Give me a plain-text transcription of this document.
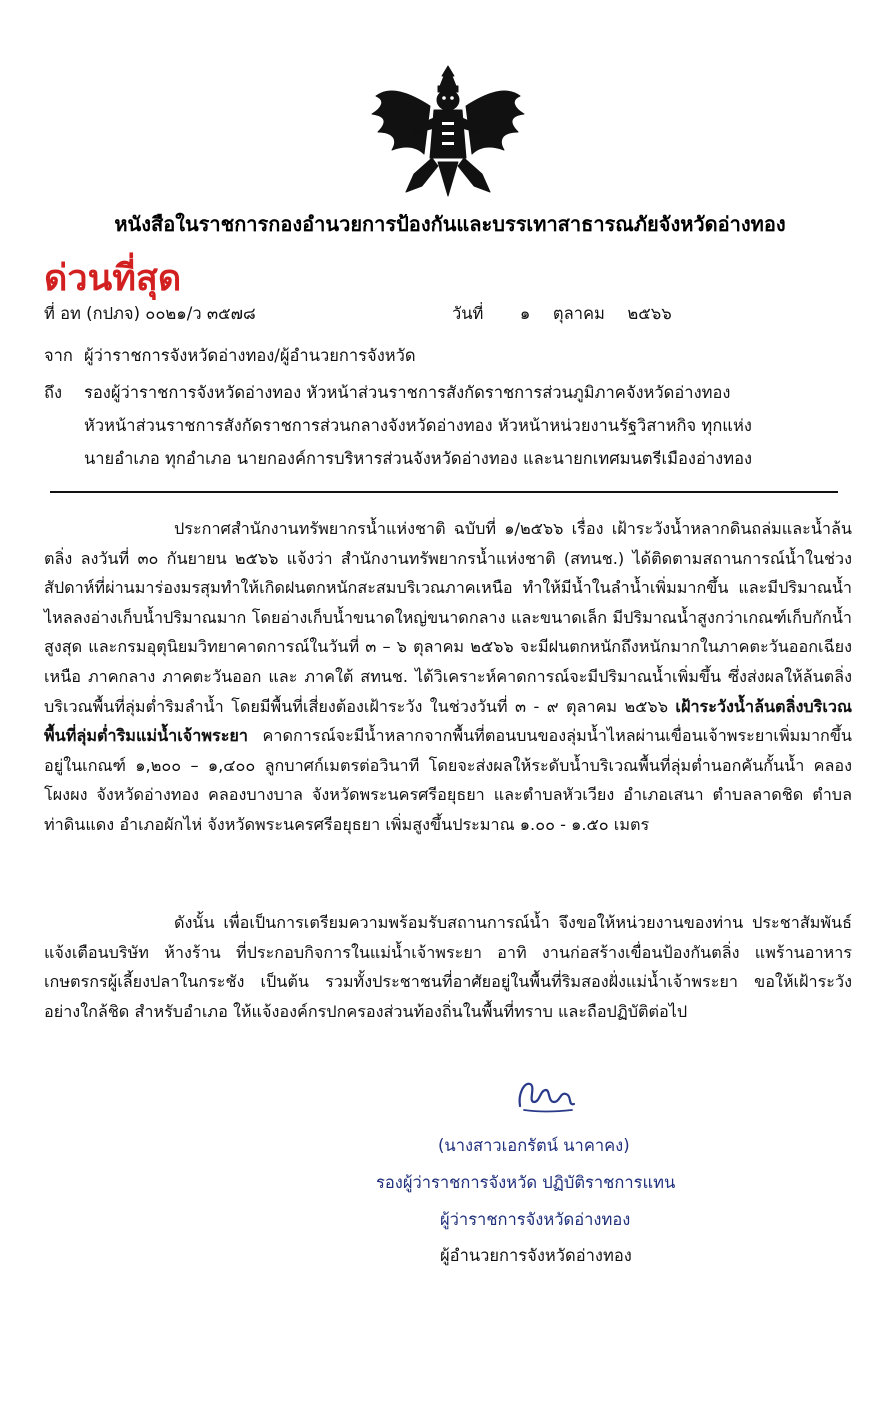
หนังสือในราชการกองอำนวยการป้องกันและบรรเทาสาธารณภัยจังหวัดอ่างทอง
ด่วนที่สุด
ที่ อท (กปภจ) ๐๐๒๑/ว ๓๕๗๘	วันที่ ๑ ตุลาคม ๒๕๖๖
จาก ผู้ว่าราชการจังหวัดอ่างทอง/ผู้อำนวยการจังหวัด
ถึง รองผู้ว่าราชการจังหวัดอ่างทอง หัวหน้าส่วนราชการสังกัดราชการส่วนภูมิภาคจังหวัดอ่างทอง
หัวหน้าส่วนราชการสังกัดราชการส่วนกลางจังหวัดอ่างทอง หัวหน้าหน่วยงานรัฐวิสาหกิจ ทุกแห่ง
นายอำเภอ ทุกอำเภอ นายกองค์การบริหารส่วนจังหวัดอ่างทอง และนายกเทศมนตรีเมืองอ่างทอง

ประกาศสำนักงานทรัพยากรน้ำแห่งชาติ ฉบับที่ ๑/๒๕๖๖ เรื่อง เฝ้าระวังน้ำหลากดินถล่มและน้ำล้นตลิ่ง ลงวันที่ ๓๐ กันยายน ๒๕๖๖ แจ้งว่า สำนักงานทรัพยากรน้ำแห่งชาติ (สทนช.) ได้ติดตามสถานการณ์น้ำในช่วงสัปดาห์ที่ผ่านมาร่องมรสุมทำให้เกิดฝนตกหนักสะสมบริเวณภาคเหนือ ทำให้มีน้ำในลำน้ำเพิ่มมากขึ้น และมีปริมาณน้ำไหลลงอ่างเก็บน้ำปริมาณมาก โดยอ่างเก็บน้ำขนาดใหญ่ขนาดกลาง และขนาดเล็ก มีปริมาณน้ำสูงกว่าเกณฑ์เก็บกักน้ำสูงสุด และกรมอุตุนิยมวิทยาคาดการณ์ในวันที่ ๓ – ๖ ตุลาคม ๒๕๖๖ จะมีฝนตกหนักถึงหนักมากในภาคตะวันออกเฉียงเหนือ ภาคกลาง ภาคตะวันออก และ ภาคใต้ สทนช. ได้วิเคราะห์คาดการณ์จะมีปริมาณน้ำเพิ่มขึ้น ซึ่งส่งผลให้ล้นตลิ่งบริเวณพื้นที่ลุ่มต่ำริมลำน้ำ โดยมีพื้นที่เสี่ยงต้องเฝ้าระวัง ในช่วงวันที่ ๓ - ๙ ตุลาคม ๒๕๖๖ เฝ้าระวังน้ำล้นตลิ่งบริเวณพื้นที่ลุ่มต่ำริมแม่น้ำเจ้าพระยา คาดการณ์จะมีน้ำหลากจากพื้นที่ตอนบนของลุ่มน้ำไหลผ่านเขื่อนเจ้าพระยาเพิ่มมากขึ้น อยู่ในเกณฑ์ ๑,๒๐๐ – ๑,๔๐๐ ลูกบาศก์เมตรต่อวินาที โดยจะส่งผลให้ระดับน้ำบริเวณพื้นที่ลุ่มต่ำนอกคันกั้นน้ำ คลองโผงผง จังหวัดอ่างทอง คลองบางบาล จังหวัดพระนครศรีอยุธยา และตำบลหัวเวียง อำเภอเสนา ตำบลลาดชิด ตำบลท่าดินแดง อำเภอผักไห่ จังหวัดพระนครศรีอยุธยา เพิ่มสูงขึ้นประมาณ ๑.๐๐ - ๑.๕๐ เมตร

ดังนั้น เพื่อเป็นการเตรียมความพร้อมรับสถานการณ์น้ำ จึงขอให้หน่วยงานของท่าน ประชาสัมพันธ์แจ้งเตือนบริษัท ห้างร้าน ที่ประกอบกิจการในแม่น้ำเจ้าพระยา อาทิ งานก่อสร้างเขื่อนป้องกันตลิ่ง แพร้านอาหาร เกษตรกรผู้เลี้ยงปลาในกระชัง เป็นต้น รวมทั้งประชาชนที่อาศัยอยู่ในพื้นที่ริมสองฝั่งแม่น้ำเจ้าพระยา ขอให้เฝ้าระวังอย่างใกล้ชิด สำหรับอำเภอ ให้แจ้งองค์กรปกครองส่วนท้องถิ่นในพื้นที่ทราบ และถือปฏิบัติต่อไป

(นางสาวเอกรัตน์ นาคาคง)
รองผู้ว่าราชการจังหวัด ปฏิบัติราชการแทน
ผู้ว่าราชการจังหวัดอ่างทอง
ผู้อำนวยการจังหวัดอ่างทอง
